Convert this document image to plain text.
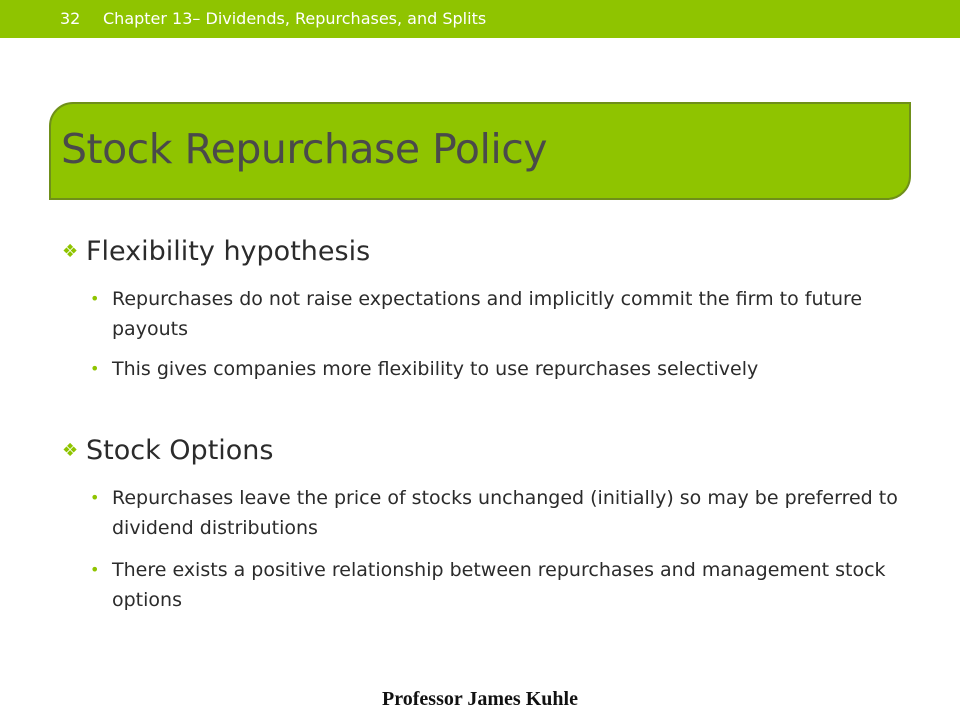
32 Chapter 13– Dividends, Repurchases, and Splits
Stock Repurchase Policy
❖ Flexibility hypothesis
• Repurchases do not raise expectations and implicitly commit the firm to future payouts
• This gives companies more flexibility to use repurchases selectively
❖ Stock Options
• Repurchases leave the price of stocks unchanged (initially) so may be preferred to dividend distributions
• There exists a positive relationship between repurchases and management stock options
Professor James Kuhle
